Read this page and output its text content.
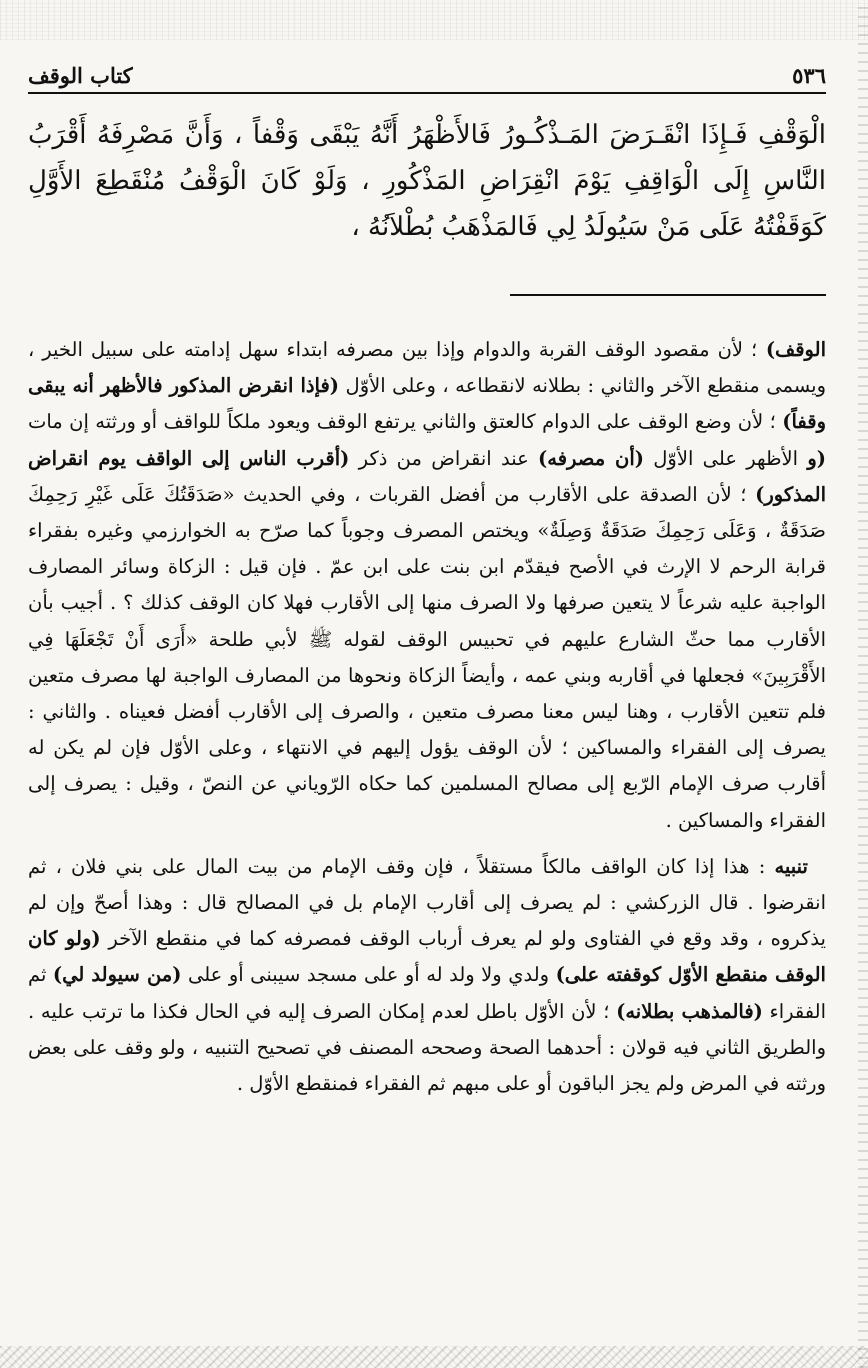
٥٣٦
كتاب الوقف

الْوَقْفِ فَـإِذَا انْقَـرَضَ المَـذْكُـورُ فَالأَظْهَرُ أَنَّهُ يَبْقَى وَقْفاً ، وَأَنَّ مَصْرِفَهُ أَقْرَبُ النَّاسِ إِلَى الْوَاقِفِ يَوْمَ انْقِرَاضِ المَذْكُورِ ، وَلَوْ كَانَ الْوَقْفُ مُنْقَطِعَ الأَوَّلِ كَوَقَفْتُهُ عَلَى مَنْ سَيُولَدُ لِي فَالمَذْهَبُ بُطْلاَنُهُ ،

الوقف) ؛ لأن مقصود الوقف القربة والدوام وإذا بين مصرفه ابتداء سهل إدامته على سبيل الخير ، ويسمى منقطع الآخر والثاني : بطلانه لانقطاعه ، وعلى الأوّل (فإذا انقرض المذكور فالأظهر أنه يبقى وقفاً) ؛ لأن وضع الوقف على الدوام كالعتق والثاني يرتفع الوقف ويعود ملكاً للواقف أو ورثته إن مات (و الأظهر على الأوّل (أن مصرفه) عند انقراض من ذكر (أقرب الناس إلى الواقف يوم انقراض المذكور) ؛ لأن الصدقة على الأقارب من أفضل القربات ، وفي الحديث «صَدَقَتُكَ عَلَى غَيْرِ رَحِمِكَ صَدَقَةٌ ، وَعَلَى رَحِمِكَ صَدَقَةٌ وَصِلَةٌ» ويختص المصرف وجوباً كما صرّح به الخوارزمي وغيره بفقراء قرابة الرحم لا الإرث في الأصح فيقدّم ابن بنت على ابن عمّ . فإن قيل : الزكاة وسائر المصارف الواجبة عليه شرعاً لا يتعين صرفها ولا الصرف منها إلى الأقارب فهلا كان الوقف كذلك ؟ . أجيب بأن الأقارب مما حثّ الشارع عليهم في تحبيس الوقف لقوله ﷺ لأبي طلحة «أَرَى أَنْ تَجْعَلَهَا فِي الأَقْرَبِينَ» فجعلها في أقاربه وبني عمه ، وأيضاً الزكاة ونحوها من المصارف الواجبة لها مصرف متعين فلم تتعين الأقارب ، وهنا ليس معنا مصرف متعين ، والصرف إلى الأقارب أفضل فعيناه . والثاني : يصرف إلى الفقراء والمساكين ؛ لأن الوقف يؤول إليهم في الانتهاء ، وعلى الأوّل فإن لم يكن له أقارب صرف الإمام الرّبع إلى مصالح المسلمين كما حكاه الرّوياني عن النصّ ، وقيل : يصرف إلى الفقراء والمساكين .

تنبيه : هذا إذا كان الواقف مالكاً مستقلاً ، فإن وقف الإمام من بيت المال على بني فلان ، ثم انقرضوا . قال الزركشي : لم يصرف إلى أقارب الإمام بل في المصالح قال : وهذا أصحّ وإن لم يذكروه ، وقد وقع في الفتاوى ولو لم يعرف أرباب الوقف فمصرفه كما في منقطع الآخر (ولو كان الوقف منقطع الأوّل كوقفته على) ولدي ولا ولد له أو على مسجد سيبنى أو على (من سيولد لي) ثم الفقراء (فالمذهب بطلانه) ؛ لأن الأوّل باطل لعدم إمكان الصرف إليه في الحال فكذا ما ترتب عليه . والطريق الثاني فيه قولان : أحدهما الصحة وصححه المصنف في تصحيح التنبيه ، ولو وقف على بعض ورثته في المرض ولم يجز الباقون أو على مبهم ثم الفقراء فمنقطع الأوّل .
